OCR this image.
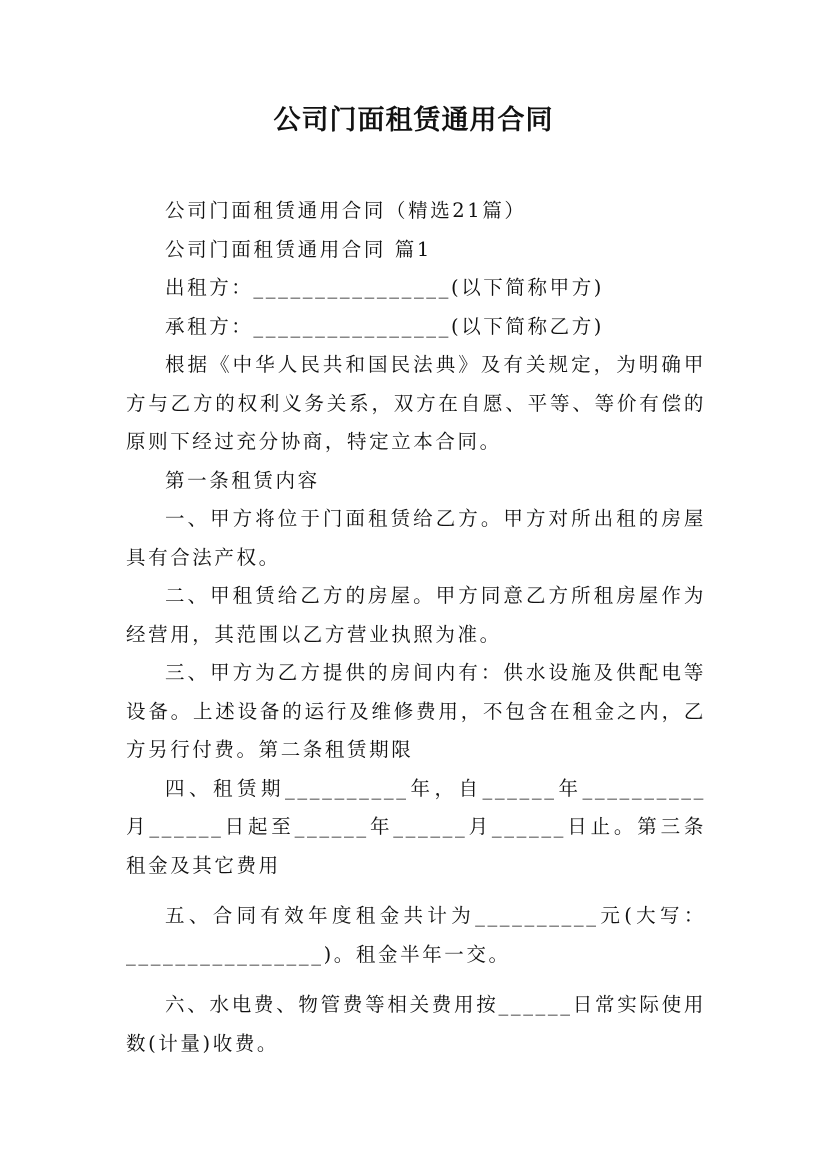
公司门面租赁通用合同

公司门面租赁通用合同（精选21篇）

公司门面租赁通用合同 篇1

出租方：________________(以下简称甲方)

承租方：________________(以下简称乙方)

根据《中华人民共和国民法典》及有关规定，为明确甲方与乙方的权利义务关系，双方在自愿、平等、等价有偿的原则下经过充分协商，特定立本合同。

第一条租赁内容

一、甲方将位于门面租赁给乙方。甲方对所出租的房屋具有合法产权。

二、甲租赁给乙方的房屋。甲方同意乙方所租房屋作为经营用，其范围以乙方营业执照为准。

三、甲方为乙方提供的房间内有：供水设施及供配电等设备。上述设备的运行及维修费用，不包含在租金之内，乙方另行付费。第二条租赁期限

四、租赁期__________年，自______年__________月______日起至______年______月______日止。第三条租金及其它费用

五、合同有效年度租金共计为__________元(大写：________________)。租金半年一交。

六、水电费、物管费等相关费用按______日常实际使用数(计量)收费。
